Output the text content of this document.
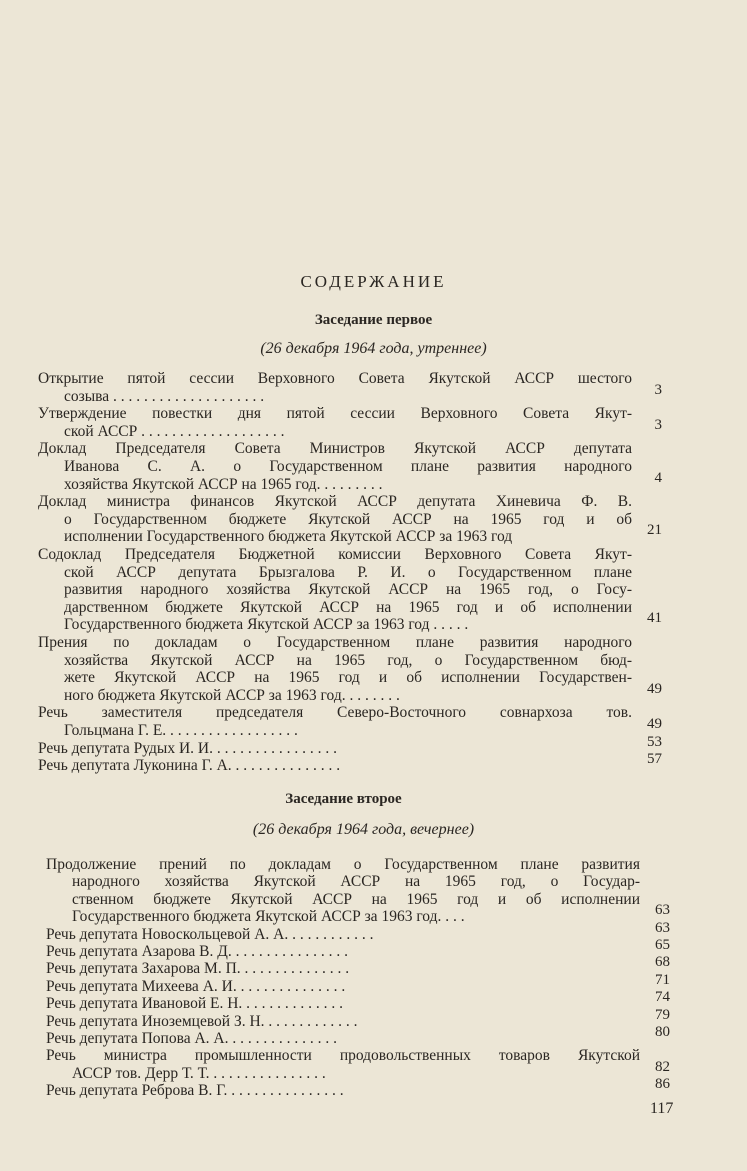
СОДЕРЖАНИЕ
Заседание первое
(26 декабря 1964 года, утреннее)
Заседание второе
(26 декабря 1964 года, вечернее)
Открытие пятой сессии Верховного Совета Якутской АССР шестого
созыва . . . . . . . . . . . . . . . . . . . .	3
Утверждение повестки дня пятой сессии Верховного Совета Якут-
ской АССР . . . . . . . . . . . . . . . . . . .	3
Доклад Председателя Совета Министров Якутской АССР депутата
Иванова С. А. о Государственном плане развития народного
хозяйства Якутской АССР на 1965 год. . . . . . . . .	4
Доклад министра финансов Якутской АССР депутата Хиневича Ф. В.
о Государственном бюджете Якутской АССР на 1965 год и об
исполнении Государственного бюджета Якутской АССР за 1963 год	21
Содоклад Председателя Бюджетной комиссии Верховного Совета Якут-
ской АССР депутата Брызгалова Р. И. о Государственном плане
развития народного хозяйства Якутской АССР на 1965 год, о Госу-
дарственном бюджете Якутской АССР на 1965 год и об исполнении
Государственного бюджета Якутской АССР за 1963 год . . . . .	41
Прения по докладам о Государственном плане развития народного
хозяйства Якутской АССР на 1965 год, о Государственном бюд-
жете Якутской АССР на 1965 год и об исполнении Государствен-
ного бюджета Якутской АССР за 1963 год. . . . . . . .	49
Речь заместителя председателя Северо-Восточного совнархоза тов.
Гольцмана Г. Е. . . . . . . . . . . . . . . . . .	49
Речь депутата Рудых И. И. . . . . . . . . . . . . . . . .	53
Речь депутата Луконина Г. А. . . . . . . . . . . . . . .	57
Продолжение прений по докладам о Государственном плане развития
народного хозяйства Якутской АССР на 1965 год, о Государ-
ственном бюджете Якутской АССР на 1965 год и об исполнении
Государственного бюджета Якутской АССР за 1963 год. . . .	63
Речь депутата Новоскольцевой А. А. . . . . . . . . . . .	63
Речь депутата Азарова В. Д. . . . . . . . . . . . . . . .	65
Речь депутата Захарова М. П. . . . . . . . . . . . . . .	68
Речь депутата Михеева А. И. . . . . . . . . . . . . . .	71
Речь депутата Ивановой Е. Н. . . . . . . . . . . . . .	74
Речь депутата Иноземцевой З. Н. . . . . . . . . . . . .	79
Речь депутата Попова А. А. . . . . . . . . . . . . . .	80
Речь министра промышленности продовольственных товаров Якутской
АССР тов. Дерр Т. Т. . . . . . . . . . . . . . . .	82
Речь депутата Реброва В. Г. . . . . . . . . . . . . . . .	86
117
